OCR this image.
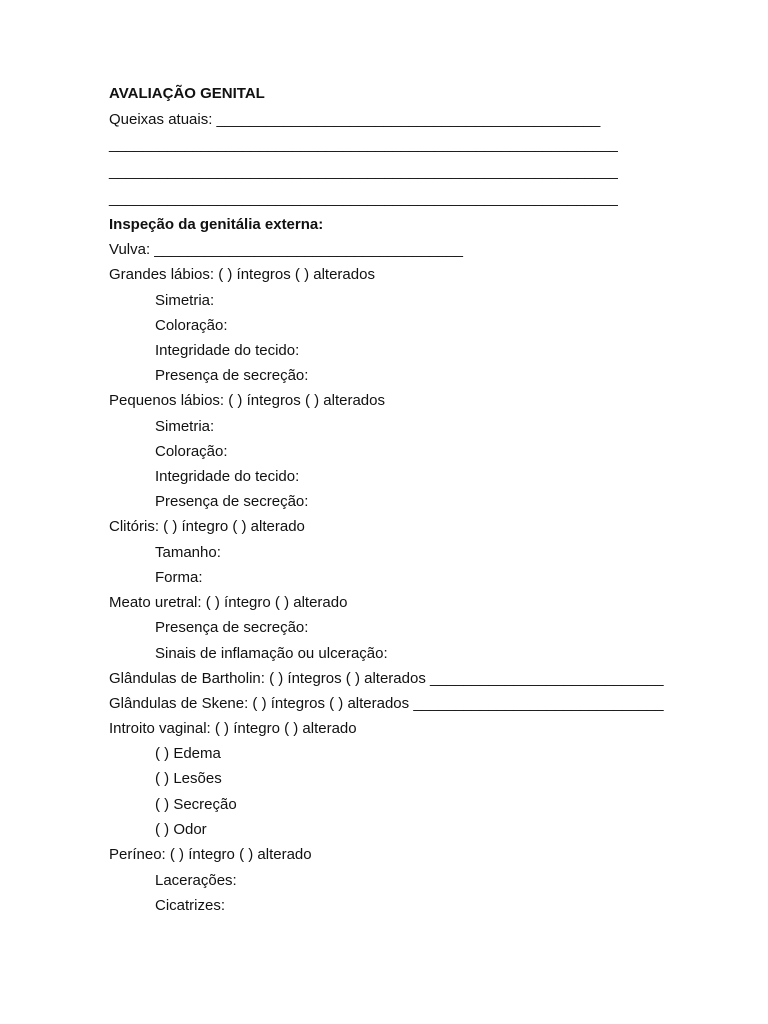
AVALIAÇÃO GENITAL
Queixas atuais: ______________________________________________
_____________________________________________________________
_____________________________________________________________
_____________________________________________________________
Inspeção da genitália externa:
Vulva: _____________________________________
Grandes lábios: ( ) íntegros ( ) alterados
Simetria:
Coloração:
Integridade do tecido:
Presença de secreção:
Pequenos lábios: ( ) íntegros ( ) alterados
Simetria:
Coloração:
Integridade do tecido:
Presença de secreção:
Clitóris: ( ) íntegro ( ) alterado
Tamanho:
Forma:
Meato uretral: ( ) íntegro ( ) alterado
Presença de secreção:
Sinais de inflamação ou ulceração:
Glândulas de Bartholin: ( ) íntegros ( ) alterados ____________________________
Glândulas de Skene: ( ) íntegros ( ) alterados ______________________________
Introito vaginal: ( ) íntegro ( ) alterado
( ) Edema
( ) Lesões
( ) Secreção
( ) Odor
Períneo: ( ) íntegro ( ) alterado
Lacerações:
Cicatrizes:
